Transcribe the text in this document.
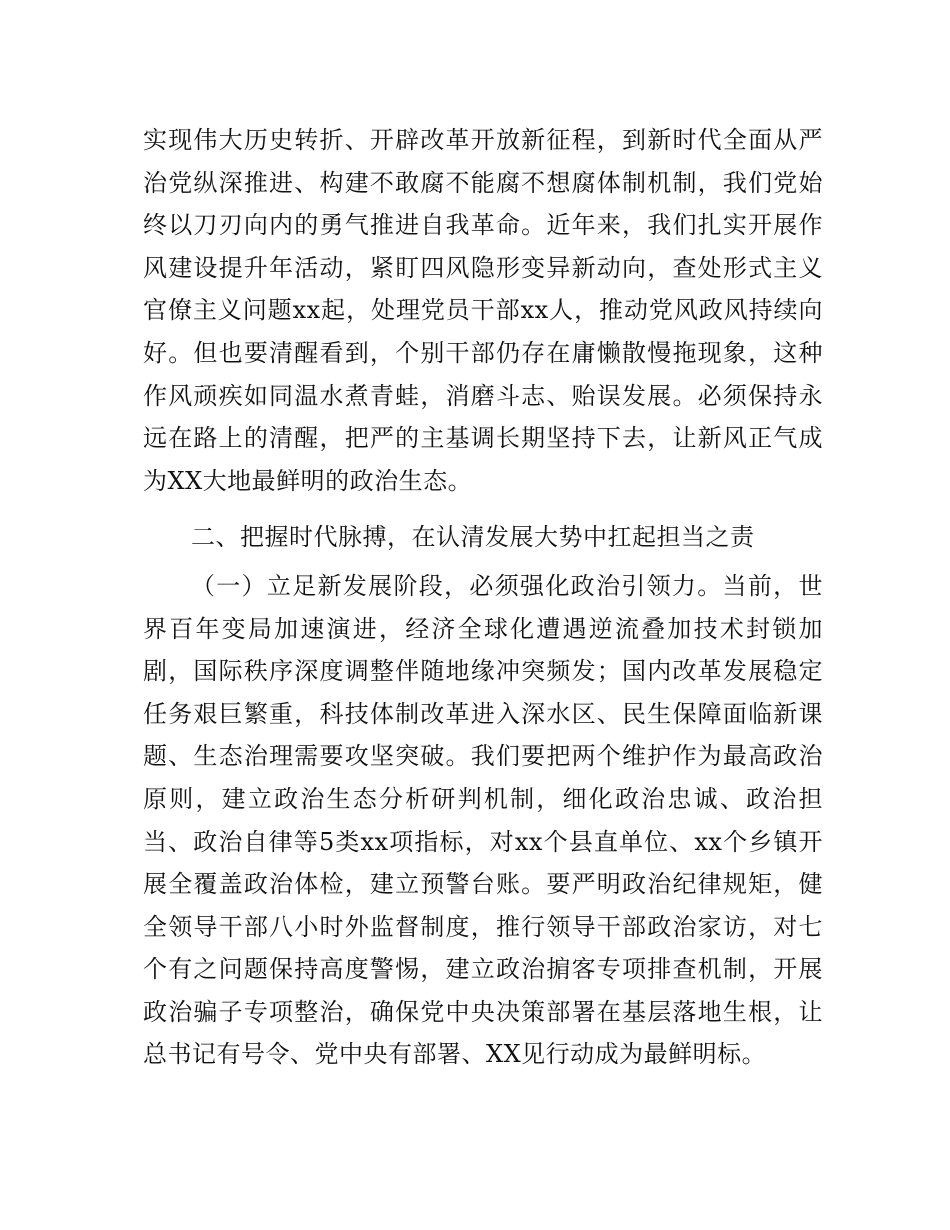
实现伟大历史转折、开辟改革开放新征程，到新时代全面从严治党纵深推进、构建不敢腐不能腐不想腐体制机制，我们党始终以刀刃向内的勇气推进自我革命。近年来，我们扎实开展作风建设提升年活动，紧盯四风隐形变异新动向，查处形式主义官僚主义问题xx起，处理党员干部xx人，推动党风政风持续向好。但也要清醒看到，个别干部仍存在庸懒散慢拖现象，这种作风顽疾如同温水煮青蛙，消磨斗志、贻误发展。必须保持永远在路上的清醒，把严的主基调长期坚持下去，让新风正气成为XX大地最鲜明的政治生态。

二、把握时代脉搏，在认清发展大势中扛起担当之责

（一）立足新发展阶段，必须强化政治引领力。当前，世界百年变局加速演进，经济全球化遭遇逆流叠加技术封锁加剧，国际秩序深度调整伴随地缘冲突频发；国内改革发展稳定任务艰巨繁重，科技体制改革进入深水区、民生保障面临新课题、生态治理需要攻坚突破。我们要把两个维护作为最高政治原则，建立政治生态分析研判机制，细化政治忠诚、政治担当、政治自律等5类xx项指标，对xx个县直单位、xx个乡镇开展全覆盖政治体检，建立预警台账。要严明政治纪律规矩，健全领导干部八小时外监督制度，推行领导干部政治家访，对七个有之问题保持高度警惕，建立政治掮客专项排查机制，开展政治骗子专项整治，确保党中央决策部署在基层落地生根，让总书记有号令、党中央有部署、XX见行动成为最鲜明标。
